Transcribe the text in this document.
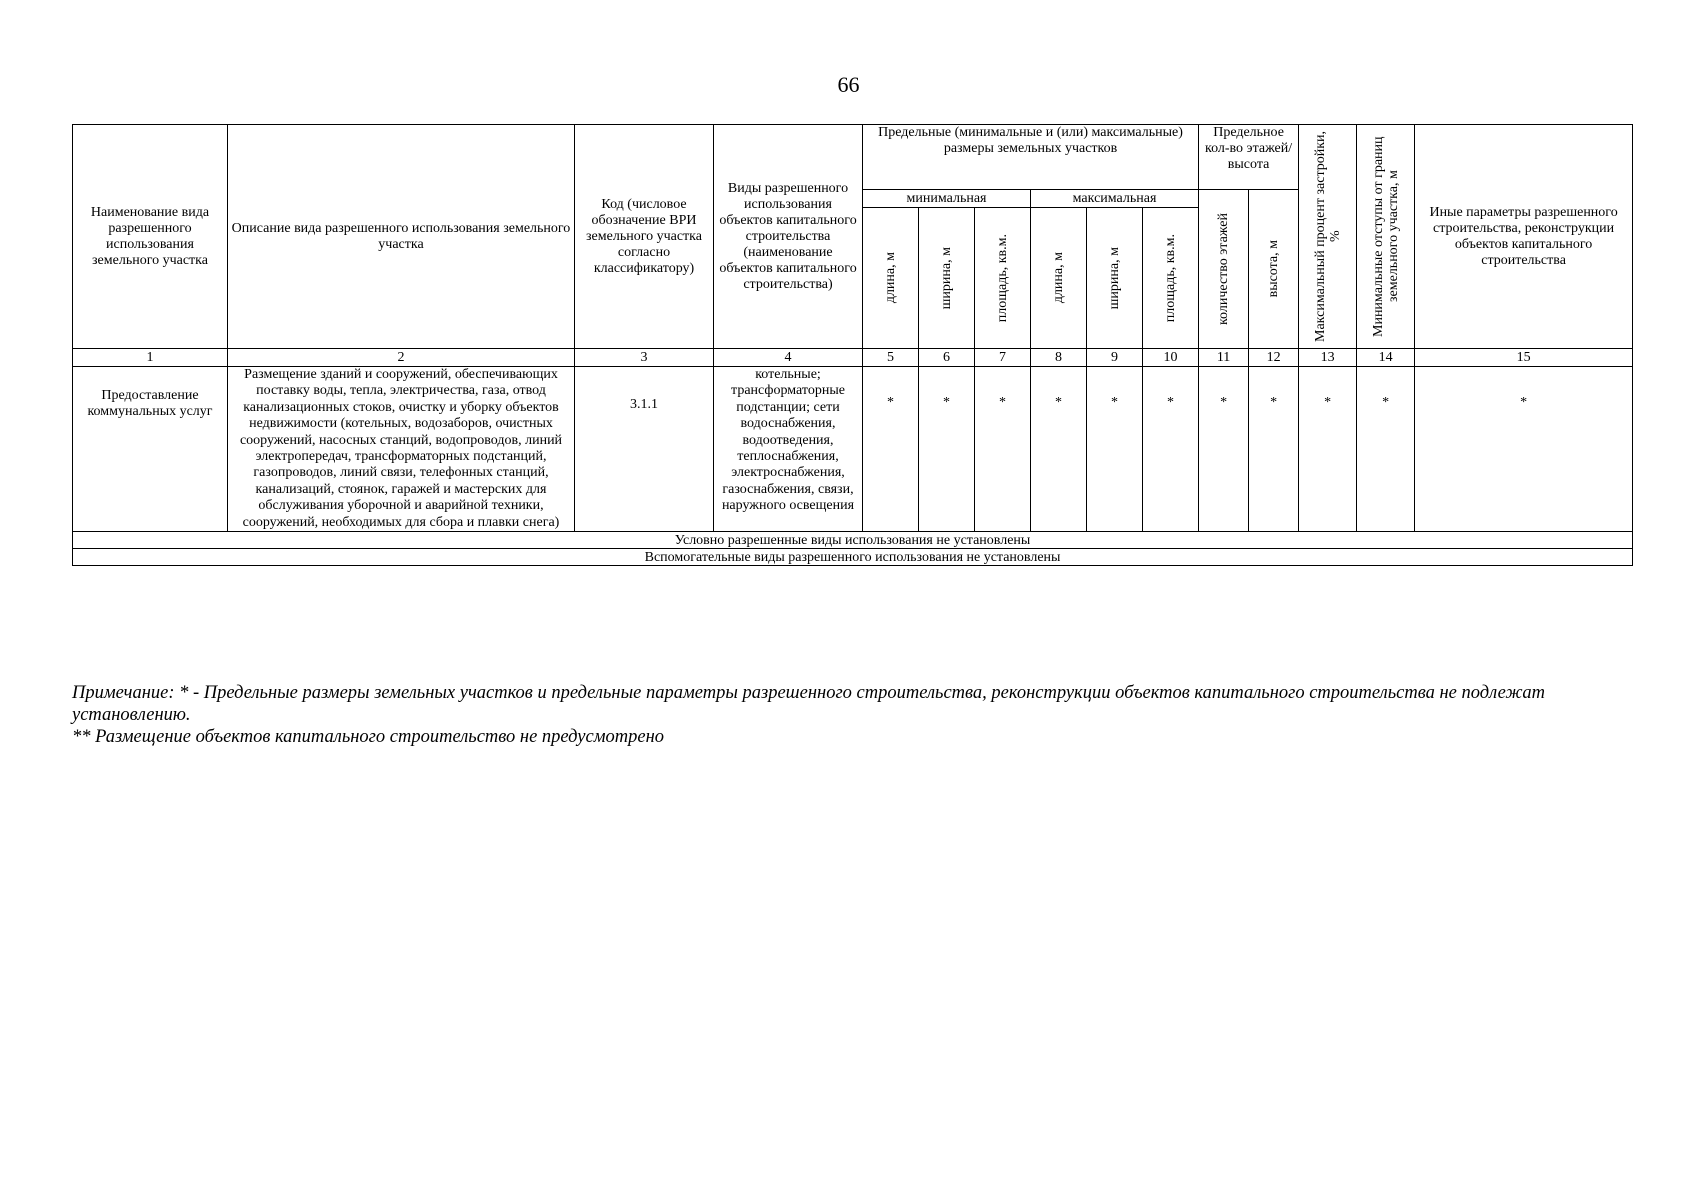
66
Наименование вида разрешенного использования земельного участка	Описание вида разрешенного использования земельного участка	Код (числовое обозначение ВРИ земельного участка согласно классификатору)	Виды разрешенного использования объектов капитального строительства (наименование объектов капитального строительства)	Предельные (минимальные и (или) максимальные) размеры земельных участков						Предельное кол-во этажей/ высота		Максимальный процент застройки, %	Минимальные отступы от границ земельного участка, м	Иные параметры разрешенного строительства, реконструкции объектов капитального строительства
				минимальная			максимальная			количество этажей	высота, м			

				длина, м	ширина, м	площадь, кв.м.	длина, м	ширина, м	площадь, кв.м.					

1	2	3	4	5	6	7	8	9	10	11	12	13	14	15
Предоставление коммунальных услуг	Размещение зданий и сооружений, обеспечивающих поставку воды, тепла, электричества, газа, отвод канализационных стоков, очистку и уборку объектов недвижимости (котельных, водозаборов, очистных сооружений, насосных станций, водопроводов, линий электропередач, трансформаторных подстанций, газопроводов, линий связи, телефонных станций, канализаций, стоянок, гаражей и мастерских для обслуживания уборочной и аварийной техники, сооружений, необходимых для сбора и плавки снега)	3.1.1	котельные; трансформаторные подстанции; сети водоснабжения, водоотведения, теплоснабжения, электроснабжения, газоснабжения, связи, наружного освещения	*	*	*	*	*	*	*	*	*	*	*
Условно разрешенные виды использования не установлены														
Вспомогательные виды разрешенного использования не установлены														

Примечание: * - Предельные размеры земельных участков и предельные параметры разрешенного строительства, реконструкции объектов капитального строительства не подлежат установлению.

** Размещение объектов капитального строительство не предусмотрено
